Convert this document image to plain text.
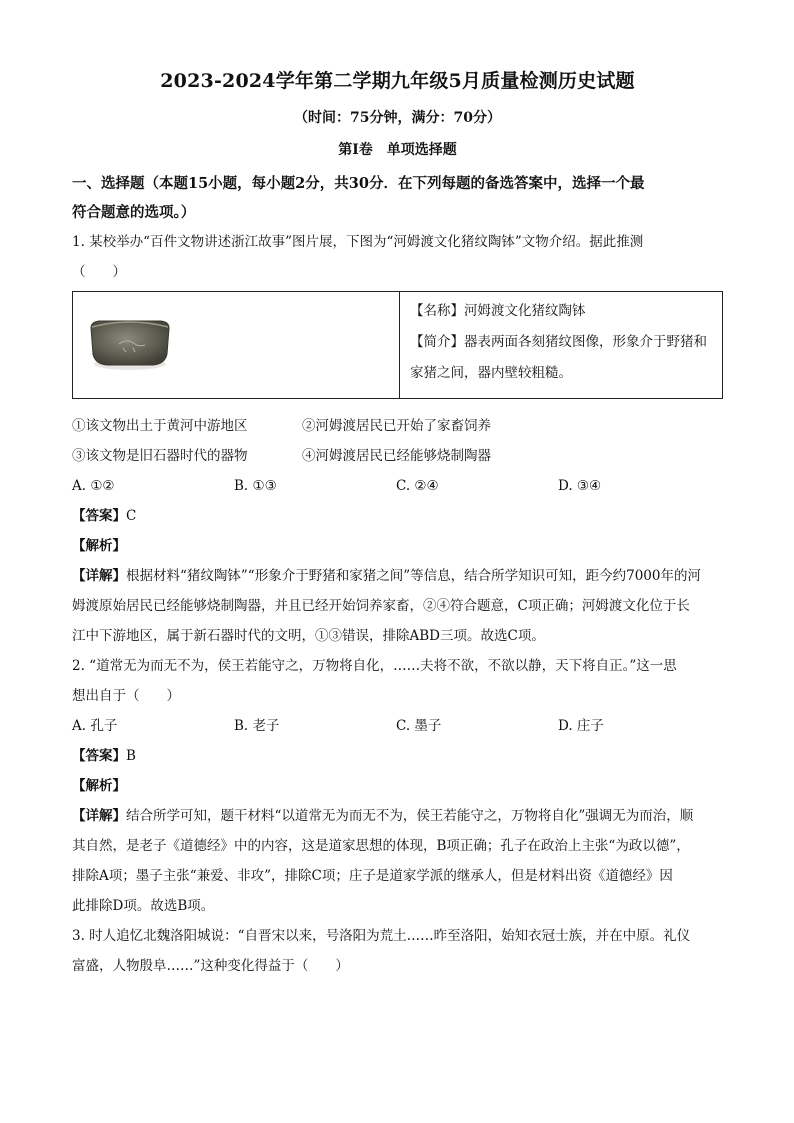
2023-2024学年第二学期九年级5月质量检测历史试题
（时间：75分钟，满分：70分）
第Ⅰ卷　单项选择题

一、选择题（本题15小题，每小题2分，共30分．在下列每题的备选答案中，选择一个最

符合题意的选项。）

1. 某校举办“百件文物讲述浙江故事”图片展，下图为“河姆渡文化猪纹陶钵”文物介绍。据此推测

（　　）

【名称】河姆渡文化猪纹陶钵
【简介】器表两面各刻猪纹图像，形象介于野猪和
家猪之间，器内壁较粗糙。
①该文物出土于黄河中游地区	②河姆渡居民已开始了家畜饲养
③该文物是旧石器时代的器物	④河姆渡居民已经能够烧制陶器
A. ①②	B. ①③	C. ②④	D. ③④

【答案】C

【解析】

【详解】根据材料“猪纹陶钵”“形象介于野猪和家猪之间”等信息，结合所学知识可知，距今约7000年的河

姆渡原始居民已经能够烧制陶器，并且已经开始饲养家畜，②④符合题意，C项正确；河姆渡文化位于长

江中下游地区，属于新石器时代的文明，①③错误，排除ABD三项。故选C项。

2. “道常无为而无不为，侯王若能守之，万物将自化，……夫将不欲，不欲以静，天下将自正。”这一思

想出自于（　　）

A. 孔子	B. 老子	C. 墨子	D. 庄子

【答案】B

【解析】

【详解】结合所学可知，题干材料“以道常无为而无不为，侯王若能守之，万物将自化”强调无为而治，顺

其自然，是老子《道德经》中的内容，这是道家思想的体现，B项正确；孔子在政治上主张“为政以德”，

排除A项；墨子主张“兼爱、非攻”，排除C项；庄子是道家学派的继承人，但是材料出资《道德经》因

此排除D项。故选B项。

3. 时人追忆北魏洛阳城说：“自晋宋以来，号洛阳为荒土……昨至洛阳，始知衣冠士族，并在中原。礼仪

富盛，人物殷阜……”这种变化得益于（　　）
